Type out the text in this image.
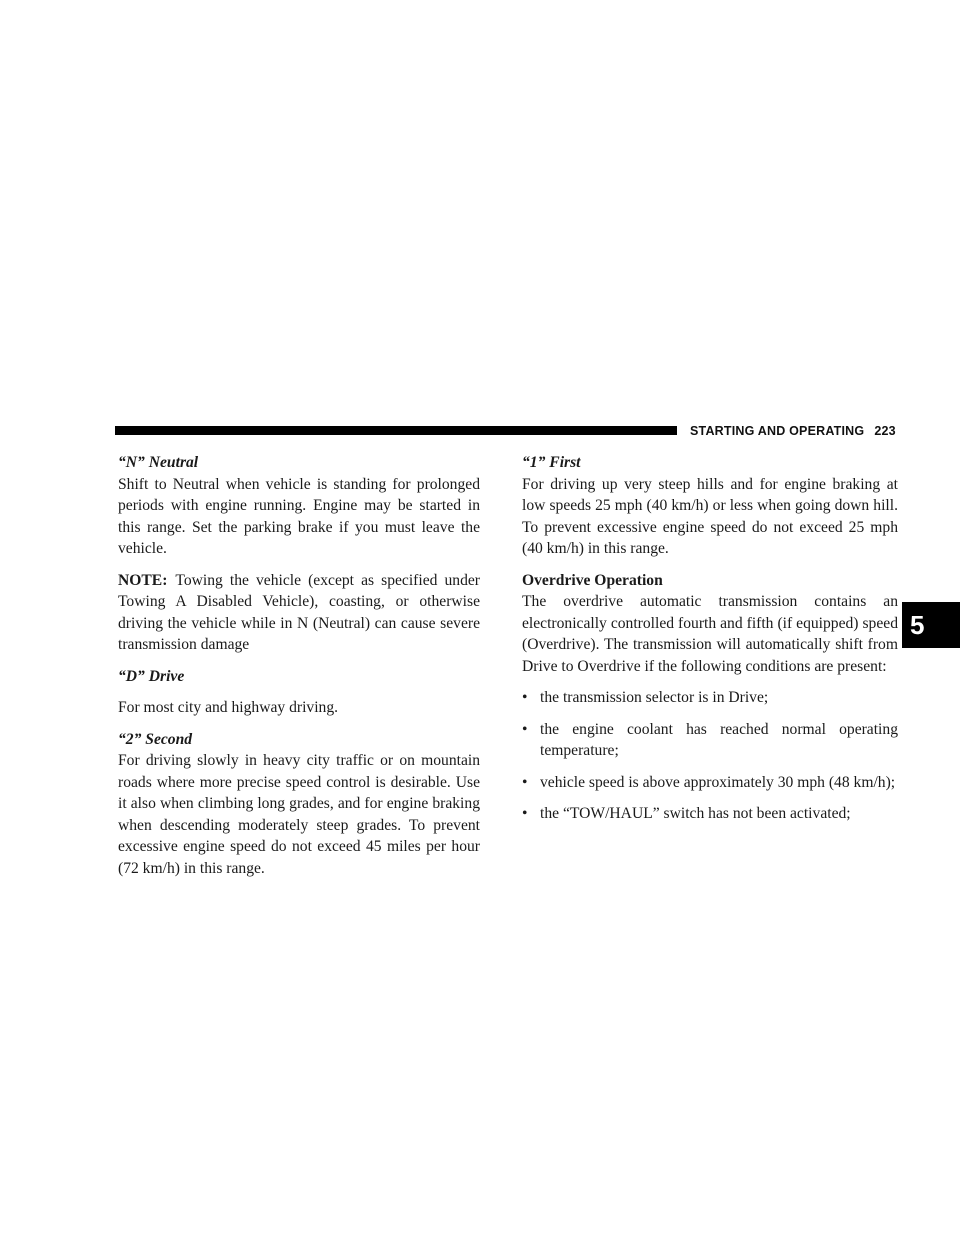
STARTING AND OPERATING 223
5

“N” Neutral

Shift to Neutral when vehicle is standing for prolonged periods with engine running. Engine may be started in this range. Set the parking brake if you must leave the vehicle.

NOTE: Towing the vehicle (except as specified under Towing A Disabled Vehicle), coasting, or otherwise driving the vehicle while in N (Neutral) can cause severe transmission damage

“D” Drive

For most city and highway driving.

“2” Second

For driving slowly in heavy city traffic or on mountain roads where more precise speed control is desirable. Use it also when climbing long grades, and for engine braking when descending moderately steep grades. To prevent excessive engine speed do not exceed 45 miles per hour (72 km/h) in this range.

“1” First

For driving up very steep hills and for engine braking at low speeds 25 mph (40 km/h) or less when going down hill. To prevent excessive engine speed do not exceed 25 mph (40 km/h) in this range.

Overdrive Operation

The overdrive automatic transmission contains an electronically controlled fourth and fifth (if equipped) speed (Overdrive). The transmission will automatically shift from Drive to Overdrive if the following conditions are present:

• the transmission selector is in Drive;
• the engine coolant has reached normal operating temperature;
• vehicle speed is above approximately 30 mph (48 km/h);
• the “TOW/HAUL” switch has not been activated;
